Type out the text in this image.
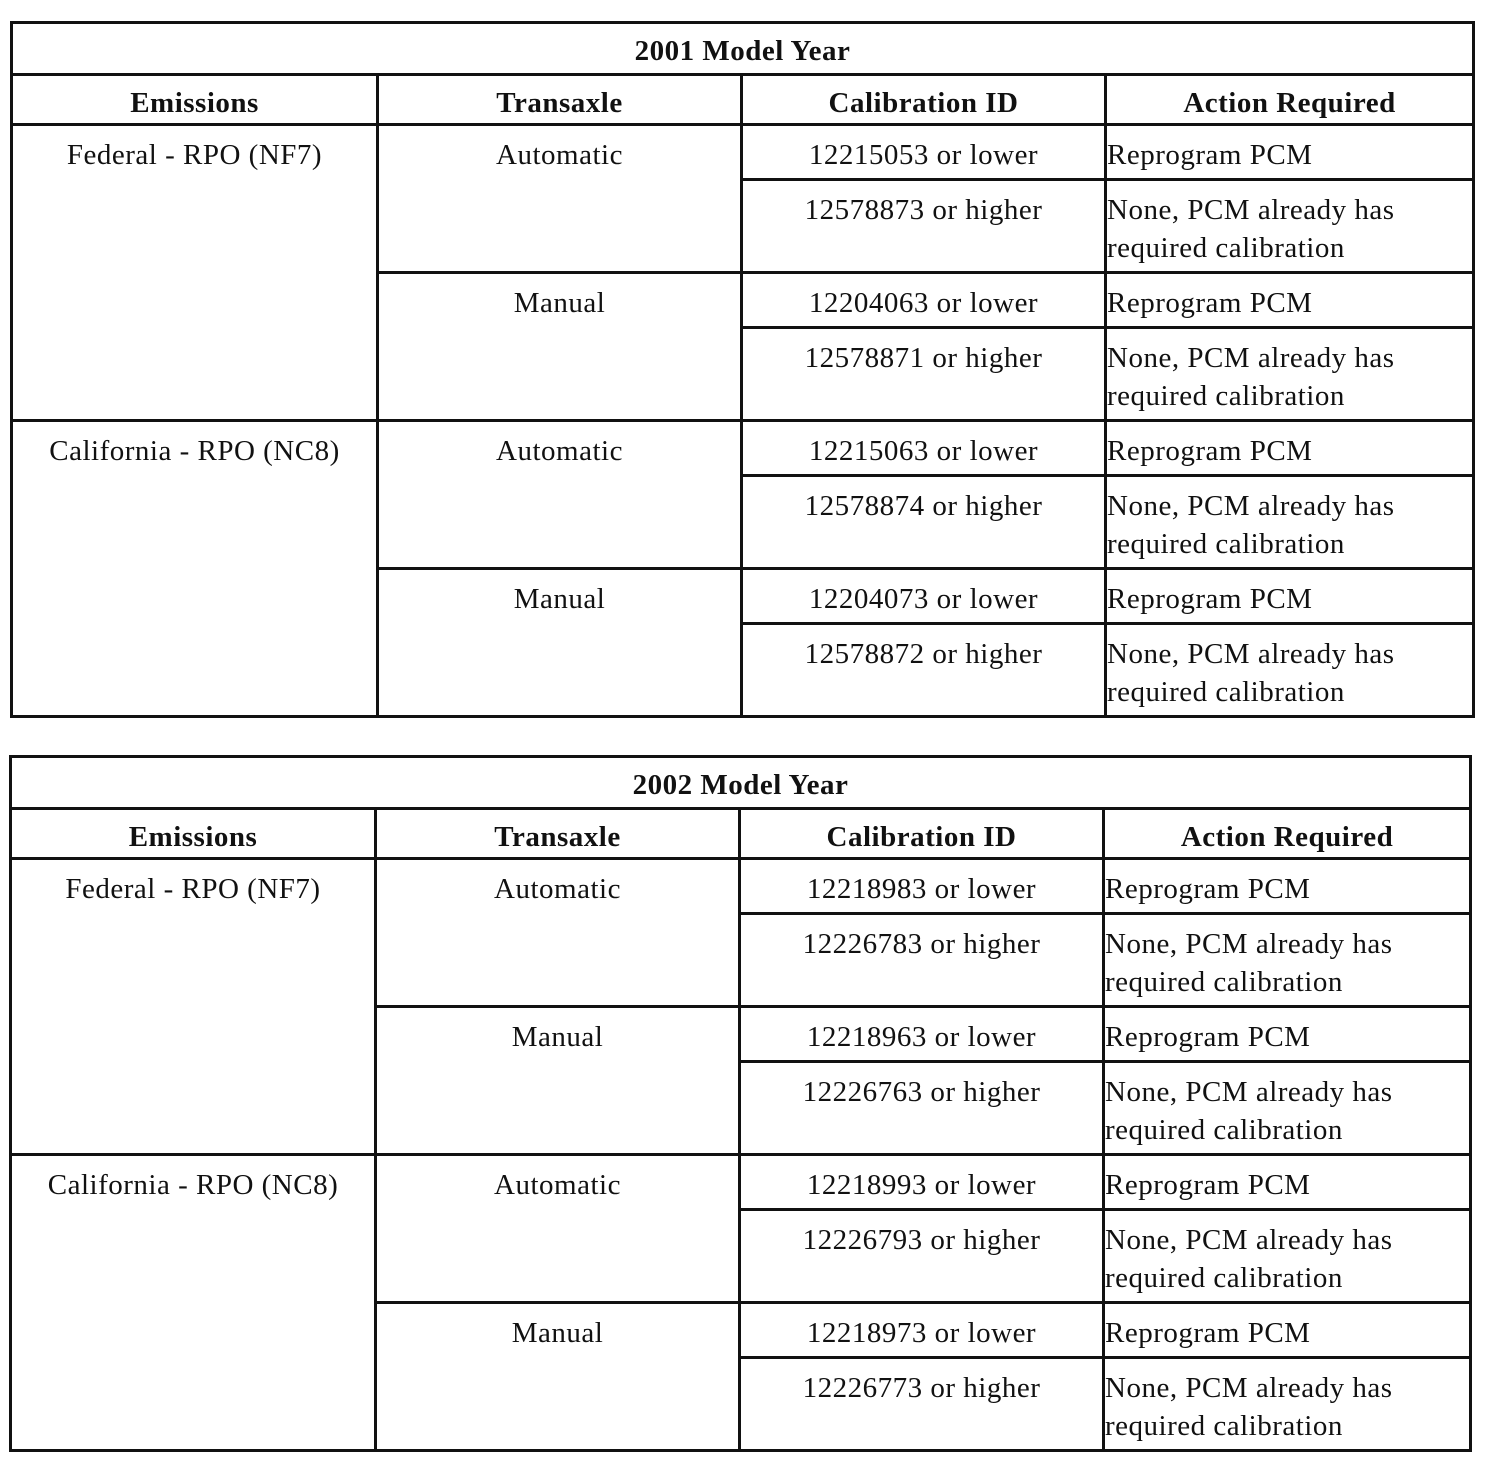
2001 Model Year			
Emissions	Transaxle	Calibration ID	Action Required
Federal - RPO (NF7)	Automatic	12215053 or lower	Reprogram PCM
		12578873 or higher	None, PCM already has required calibration
	Manual	12204063 or lower	Reprogram PCM
		12578871 or higher	None, PCM already has required calibration
California - RPO (NC8)	Automatic	12215063 or lower	Reprogram PCM
		12578874 or higher	None, PCM already has required calibration
	Manual	12204073 or lower	Reprogram PCM
		12578872 or higher	None, PCM already has required calibration
2002 Model Year			
Emissions	Transaxle	Calibration ID	Action Required
Federal - RPO (NF7)	Automatic	12218983 or lower	Reprogram PCM
		12226783 or higher	None, PCM already has required calibration
	Manual	12218963 or lower	Reprogram PCM
		12226763 or higher	None, PCM already has required calibration
California - RPO (NC8)	Automatic	12218993 or lower	Reprogram PCM
		12226793 or higher	None, PCM already has required calibration
	Manual	12218973 or lower	Reprogram PCM
		12226773 or higher	None, PCM already has required calibration
